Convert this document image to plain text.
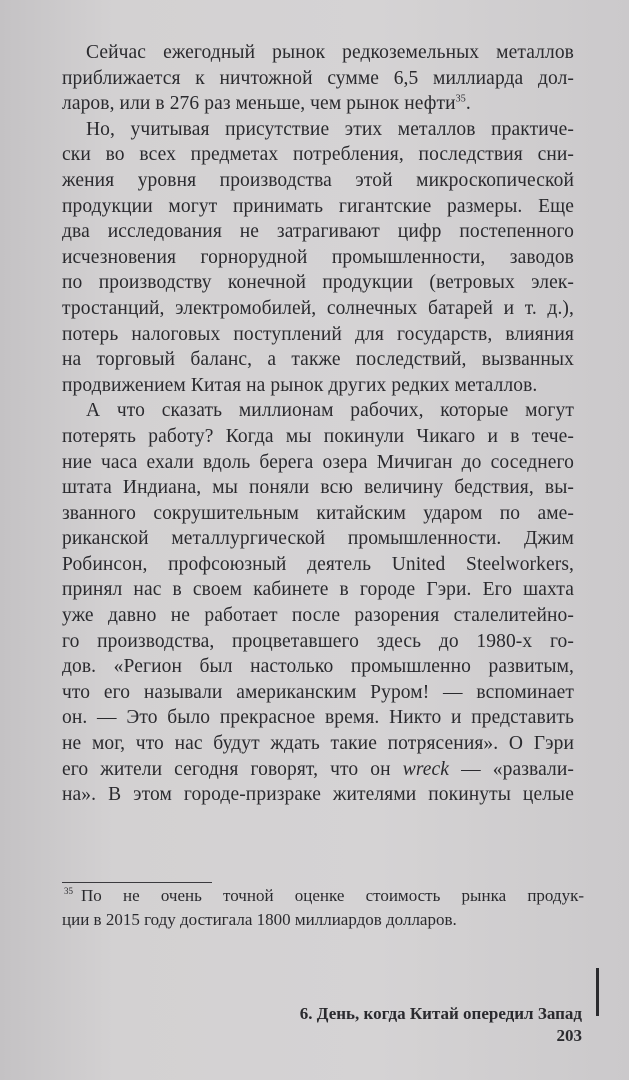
Сейчас ежегодный рынок редкоземельных металлов
приближается к ничтожной сумме 6,5 миллиарда дол-
ларов, или в 276 раз меньше, чем рынок нефти$^{35}$.
Но, учитывая присутствие этих металлов практиче-
ски во всех предметах потребления, последствия сни-
жения уровня производства этой микроскопической
продукции могут принимать гигантские размеры. Еще
два исследования не затрагивают цифр постепенного
исчезновения горнорудной промышленности, заводов
по производству конечной продукции (ветровых элек-
тростанций, электромобилей, солнечных батарей и т. д.),
потерь налоговых поступлений для государств, влияния
на торговый баланс, а также последствий, вызванных
продвижением Китая на рынок других редких металлов.
А что сказать миллионам рабочих, которые могут
потерять работу? Когда мы покинули Чикаго и в тече-
ние часа ехали вдоль берега озера Мичиган до соседнего
штата Индиана, мы поняли всю величину бедствия, вы-
званного сокрушительным китайским ударом по аме-
риканской металлургической промышленности. Джим
Робинсон, профсоюзный деятель United Steelworkers,
принял нас в своем кабинете в городе Гэри. Его шахта
уже давно не работает после разорения сталелитейно-
го производства, процветавшего здесь до 1980-х го-
дов. «Регион был настолько промышленно развитым,
что его называли американским Руром! — вспоминает
он. — Это было прекрасное время. Никто и представить
не мог, что нас будут ждать такие потрясения». О Гэри
его жители сегодня говорят, что он wreck — «развали-
на». В этом городе-призраке жителями покинуты целые
$^{35}$ По не очень точной оценке стоимость рынка продук-
ции в 2015 году достигала 1800 миллиардов долларов.
6. День, когда Китай опередил Запад
203
